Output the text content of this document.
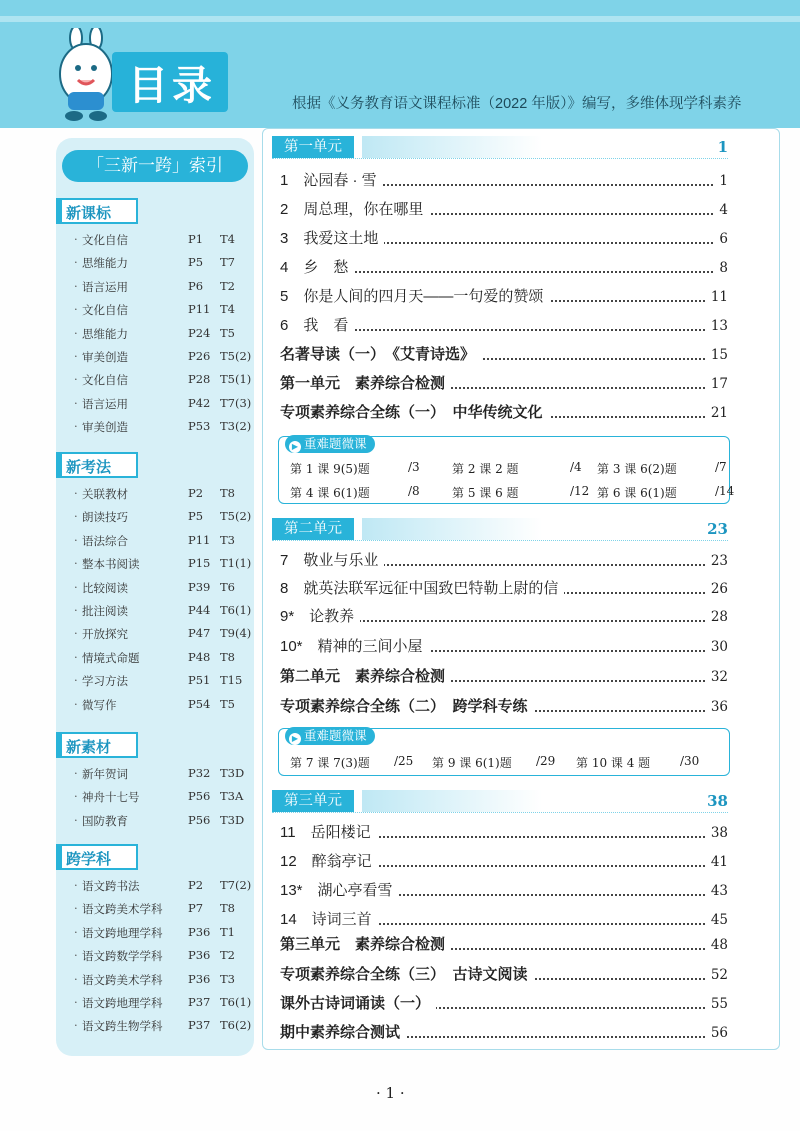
目录	根据《义务教育语文课程标准（2022 年版）》编写，多维体现学科素养
「三新一跨」索引
新课标
· 文化自信	P1 T4
· 思维能力	P5 T7
· 语言运用	P6 T2
· 文化自信	P11 T4
· 思维能力	P24 T5
· 审美创造	P26 T5(2)
· 文化自信	P28 T5(1)
· 语言运用	P42 T7(3)
· 审美创造	P53 T3(2)
新考法
· 关联教材	P2 T8
· 朗读技巧	P5 T5(2)
· 语法综合	P11 T3
· 整本书阅读	P15 T1(1)
· 比较阅读	P39 T6
· 批注阅读	P44 T6(1)
· 开放探究	P47 T9(4)
· 情境式命题	P48 T8
· 学习方法	P51 T15
· 微写作	P54 T5
新素材
· 新年贺词	P32 T3D
· 神舟十七号	P56 T3A
· 国防教育	P56 T3D
跨学科
· 语文跨书法	P2 T7(2)
· 语文跨美术学科 P7 T8
· 语文跨地理学科 P36 T1
· 语文跨数学学科 P36 T2
· 语文跨美术学科 P36 T3
· 语文跨地理学科 P37 T6(1)
· 语文跨生物学科 P37 T6(2)
第一单元	1
1　沁园春 · 雪	1
2　周总理，你在哪里	4
3　我爱这土地	6
4　乡　愁	8
5　你是人间的四月天——一句爱的赞颂	11
6　我　看	13
名著导读（一）　《艾青诗选》	15
第一单元　素养综合检测	17
专项素养综合全练（一）　中华传统文化	21
▶ 重难题微课
第 1 课 9(5)题	/3	第 2 课 2 题	/4 第 3 课 6(2)题	/7
第 4 课 6(1)题	/8	第 5 课 6 题	/12 第 6 课 6(1)题	/14
第二单元	23
7　敬业与乐业	23
8　就英法联军远征中国致巴特勒上尉的信	26
9*　论教养	28
10*　精神的三间小屋	30
第二单元　素养综合检测	32
专项素养综合全练（二）　跨学科专练	36
▶ 重难题微课
第 7 课 7(3)题 /25 第 9 课 6(1)题 /29 第 10 课 4 题 /30
第三单元	38
11　岳阳楼记	38
12　醉翁亭记	41
13*　湖心亭看雪	43
14　诗词三首	45
第三单元　素养综合检测	48
专项素养综合全练（三）　古诗文阅读	52
课外古诗词诵读（一）	55
期中素养综合测试	56
· 1 ·
